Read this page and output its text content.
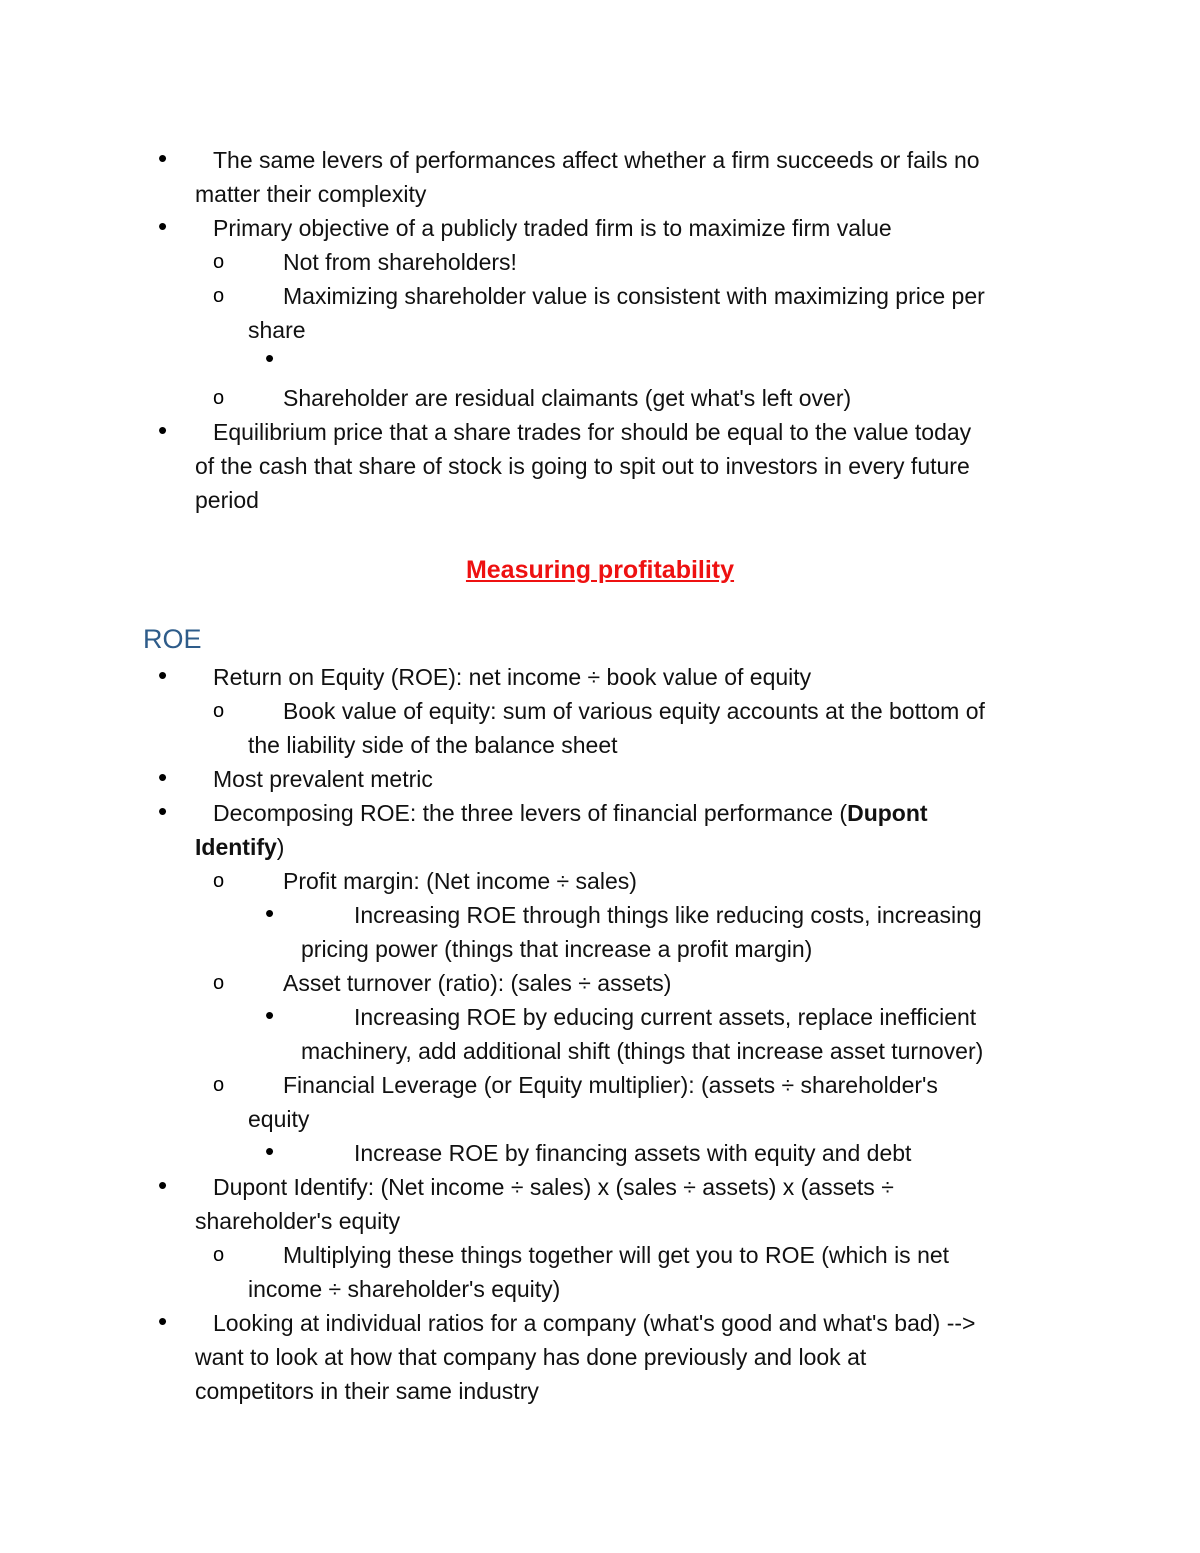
•
The same levers of performances affect whether a firm succeeds or fails no
matter their complexity
•
Primary objective of a publicly traded firm is to maximize firm value
o
Not from shareholders!
o
Maximizing shareholder value is consistent with maximizing price per
share
•
o
Shareholder are residual claimants (get what's left over)
•
Equilibrium price that a share trades for should be equal to the value today
of the cash that share of stock is going to spit out to investors in every future
period
Measuring profitability
ROE
•
Return on Equity (ROE): net income ÷ book value of equity
o
Book value of equity: sum of various equity accounts at the bottom of
the liability side of the balance sheet
•
Most prevalent metric
•
Decomposing ROE: the three levers of financial performance (Dupont
Identify)
o
Profit margin: (Net income ÷ sales)
•
Increasing ROE through things like reducing costs, increasing
pricing power (things that increase a profit margin)
o
Asset turnover (ratio): (sales ÷ assets)
•
Increasing ROE by educing current assets, replace inefficient
machinery, add additional shift (things that increase asset turnover)
o
Financial Leverage (or Equity multiplier): (assets ÷ shareholder's
equity
•
Increase ROE by financing assets with equity and debt
•
Dupont Identify: (Net income ÷ sales) x (sales ÷ assets) x (assets ÷
shareholder's equity
o
Multiplying these things together will get you to ROE (which is net
income ÷ shareholder's equity)
•
Looking at individual ratios for a company (what's good and what's bad) -->
want to look at how that company has done previously and look at
competitors in their same industry
